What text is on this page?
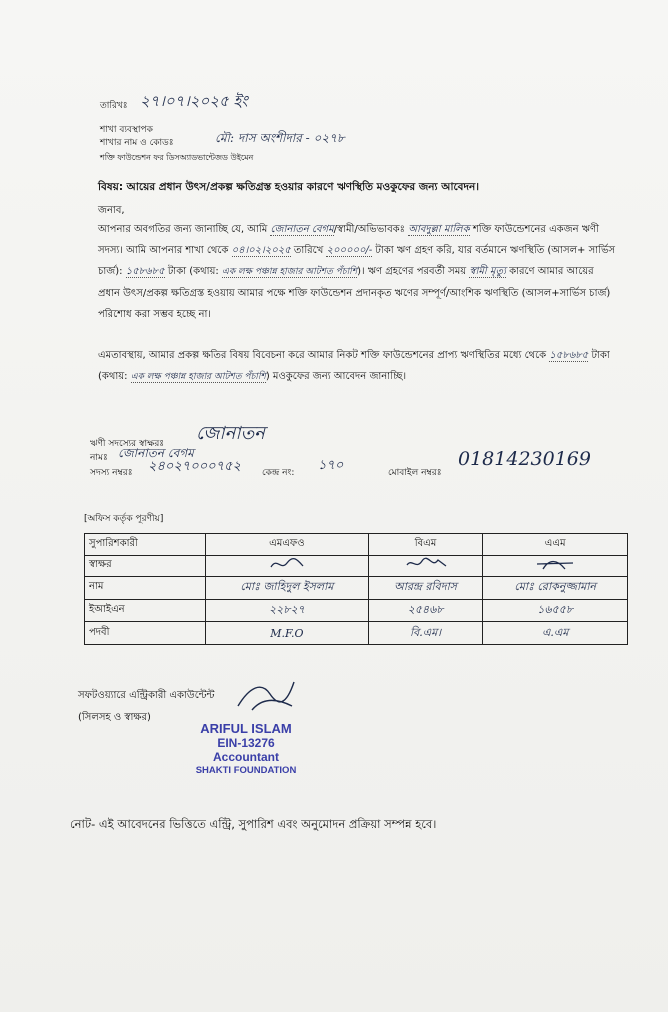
তারিখঃ ২৭।০৭।২০২৫ ইং
শাখা ব্যবস্থাপক
শাখার নাম ও কোডঃ	মৌ: দাস অংশীদার - ০২৭৮
শক্তি ফাউন্ডেশন ফর ডিসঅ্যাডভান্টেজড উইমেন
বিষয়: আয়ের প্রধান উৎস/প্রকল্প ক্ষতিগ্রস্ত হওয়ার কারণে ঋণস্থিতি মওকুফের জন্য আবেদন।
জনাব,
আপনার অবগতির জন্য জানাচ্ছি যে, আমি জোনাতন বেগম/স্বামী/অভিভাবকঃ আবদুল্লা মালিক শক্তি ফাউন্ডেশনের একজন ঋণী সদস্য। আমি আপনার শাখা থেকে ০৪।০২।২০২৫ তারিখে ২০০০০০/- টাকা ঋণ গ্রহণ করি, যার বর্তমানে ঋণস্থিতি (আসল+ সার্ভিস চার্জ): ১৫৮৬৮৫ টাকা (কথায়: এক লক্ষ পঞ্চান্ন হাজার আটশত পঁচাশি)। ঋণ গ্রহণের পরবর্তী সময় স্বামী মৃত্যু কারণে আমার আয়ের প্রধান উৎস/প্রকল্প ক্ষতিগ্রস্ত হওয়ায় আমার পক্ষে শক্তি ফাউন্ডেশন প্রদানকৃত ঋণের সম্পূর্ণ/আংশিক ঋণস্থিতি (আসল+সার্ভিস চার্জ) পরিশোধ করা সম্ভব হচ্ছে না।
এমতাবস্থায়, আমার প্রকল্প ক্ষতির বিষয় বিবেচনা করে আমার নিকট শক্তি ফাউন্ডেশনের প্রাপ্য ঋণস্থিতির মধ্যে থেকে ১৫৮৬৮৫ টাকা (কথায়: এক লক্ষ পঞ্চান্ন হাজার আটশত পঁচাশি) মওকুফের জন্য আবেদন জানাচ্ছি।
ঋণী সদস্যের স্বাক্ষরঃ জোনাতন
নামঃ জোনাতন বেগম
সদস্য নম্বরঃ ২৪০২৭০০০৭৫২ কেন্দ্র নং: ১৭০	মোবাইল নম্বরঃ
01814230169
[অফিস কর্তৃক পূরণীয়]
সুপারিশকারী	এমএফও	বিএম	এএম
স্বাক্ষর			
নাম	মোঃ জাহিদুল ইসলাম	আরন্দ্র রবিদাস	মোঃ রোকনুজ্জামান
ইআইএন	২২৮২৭	২৫৪৬৮	১৬৫৫৮
পদবী	M.F.O	বি.এম।	এ.এম
সফটওয়্যারে এন্ট্রিকারী একাউন্টেন্ট
(সিলসহ ও স্বাক্ষর)
ARIFUL ISLAM
EIN-13276
Accountant
SHAKTI FOUNDATION
নোট- এই আবেদনের ভিত্তিতে এন্ট্রি, সুপারিশ এবং অনুমোদন প্রক্রিয়া সম্পন্ন হবে।
